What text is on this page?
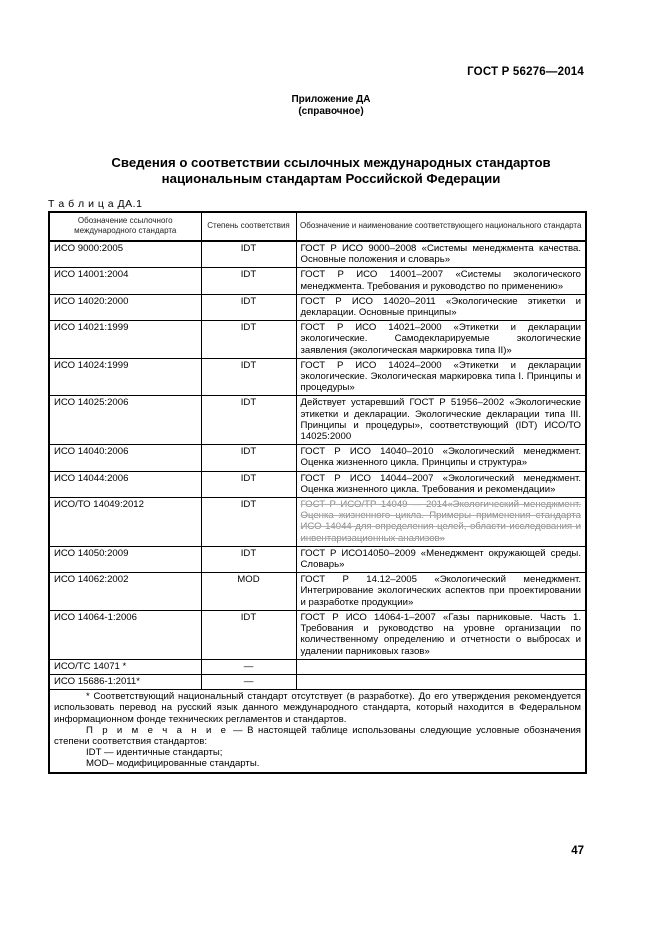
ГОСТ Р 56276—2014
Приложение ДА
(справочное)
Сведения о соответствии ссылочных международных стандартов
национальным стандартам Российской Федерации
Т а б л и ц а ДА.1
Обозначение ссылочного международного стандарта	Степень соответствия	Обозначение и наименование соответствующего национального стандарта
ИСО 9000:2005	IDT	ГОСТ Р ИСО 9000–2008 «Системы менеджмента качества. Основные положения и словарь»
ИСО 14001:2004	IDT	ГОСТ Р ИСО 14001–2007 «Системы экологического менеджмента. Требования и руководство по применению»
ИСО 14020:2000	IDT	ГОСТ Р ИСО 14020–2011 «Экологические этикетки и декларации. Основные принципы»
ИСО 14021:1999	IDT	ГОСТ Р ИСО 14021–2000 «Этикетки и декларации экологические. Самодекларируемые экологические заявления (экологическая маркировка типа II)»
ИСО 14024:1999	IDT	ГОСТ Р ИСО 14024–2000 «Этикетки и декларации экологические. Экологическая маркировка типа I. Принципы и процедуры»
ИСО 14025:2006	IDT	Действует устаревший ГОСТ Р 51956–2002 «Экологические этикетки и декларации. Экологические декларации типа III. Принципы и процедуры», соответствующий (IDT) ИСО/ТО 14025:2000
ИСО 14040:2006	IDT	ГОСТ Р ИСО 14040–2010 «Экологический менеджмент. Оценка жизненного цикла. Принципы и структура»
ИСО 14044:2006	IDT	ГОСТ Р ИСО 14044–2007 «Экологический менеджмент. Оценка жизненного цикла. Требования и рекомендации»
ИСО/ТО 14049:2012	IDT	ГОСТ Р ИСО/ТР 14049 — 2014«Экологический менеджмент. Оценка жизненного цикла. Примеры применения стандарта ИСО 14044 для определения целей, области исследования и инвентаризационных анализов»
ИСО 14050:2009	IDT	ГОСТ Р ИСО14050–2009 «Менеджмент окружающей среды. Словарь»
ИСО 14062:2002	MOD	ГОСТ Р 14.12–2005 «Экологический менеджмент. Интегрирование экологических аспектов при проектировании и разработке продукции»
ИСО 14064-1:2006	IDT	ГОСТ Р ИСО 14064-1–2007 «Газы парниковые. Часть 1. Требования и руководство на уровне организации по количественному определению и отчетности о выбросах и удалении парниковых газов»
ИСО/ТС 14071 *	—	
ИСО 15686-1:2011*	—	

* Соответствующий национальный стандарт отсутствует (в разработке). До его утверждения рекомендуется использовать перевод на русский язык данного международного стандарта, который находится в Федеральном информационном фонде технических регламентов и стандартов.
П р и м е ч а н и е — В настоящей таблице использованы следующие условные обозначения степени соответствия стандартов:
IDT — идентичные стандарты;
MOD– модифицированные стандарты.		
47
